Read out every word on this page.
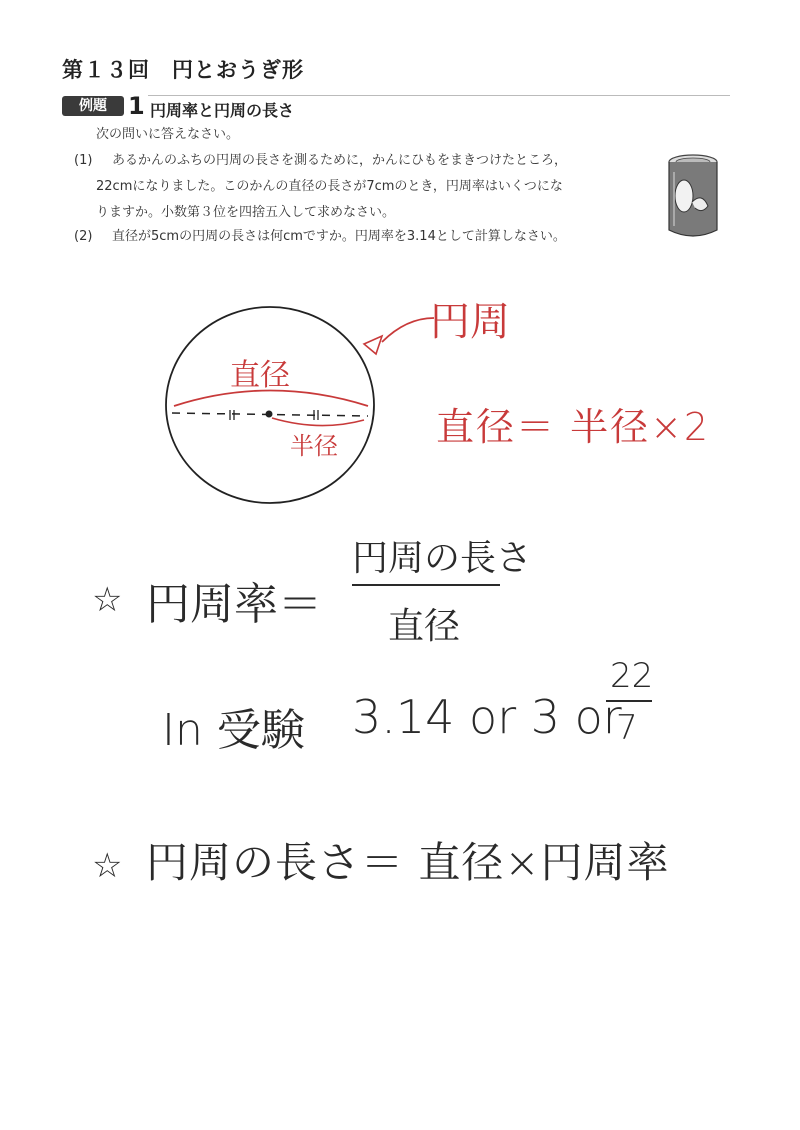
第１３回　円とおうぎ形
例題 1 円周率と円周の長さ
次の問いに答えなさい。
(1) あるかんのふちの円周の長さを測るために，かんにひもをまきつけたところ，
22cmになりました。このかんの直径の長さが7cmのとき，円周率はいくつにな
りますか。小数第３位を四捨五入して求めなさい。
(2) 直径が5cmの円周の長さは何cmですか。円周率を3.14として計算しなさい。
円周
直径
半径	直径＝ 半径×2
☆ 円周率＝
円周の長さ
直径
In 受験 3.14 or 3 or
22
7
☆ 円周の長さ＝ 直径×円周率
